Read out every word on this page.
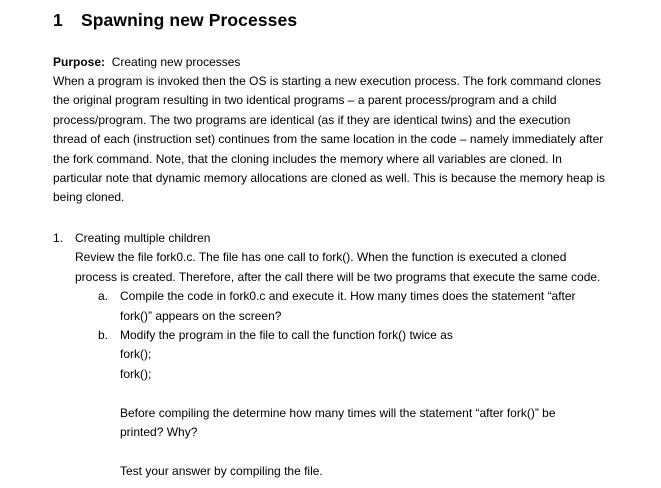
1 Spawning new Processes
Purpose: Creating new processes

When a program is invoked then the OS is starting a new execution process. The fork command clones

the original program resulting in two identical programs – a parent process/program and a child

process/program. The two programs are identical (as if they are identical twins) and the execution

thread of each (instruction set) continues from the same location in the code – namely immediately after

the fork command. Note, that the cloning includes the memory where all variables are cloned. In

particular note that dynamic memory allocations are cloned as well. This is because the memory heap is

being cloned.

1. Creating multiple children
Review the file fork0.c. The file has one call to fork(). When the function is executed a cloned
process is created. Therefore, after the call there will be two programs that execute the same code.
a. Compile the code in fork0.c and execute it. How many times does the statement “after
fork()” appears on the screen?
b. Modify the program in the file to call the function fork() twice as
fork();
fork();
Before compiling the determine how many times will the statement “after fork()” be
printed? Why?
Test your answer by compiling the file.
